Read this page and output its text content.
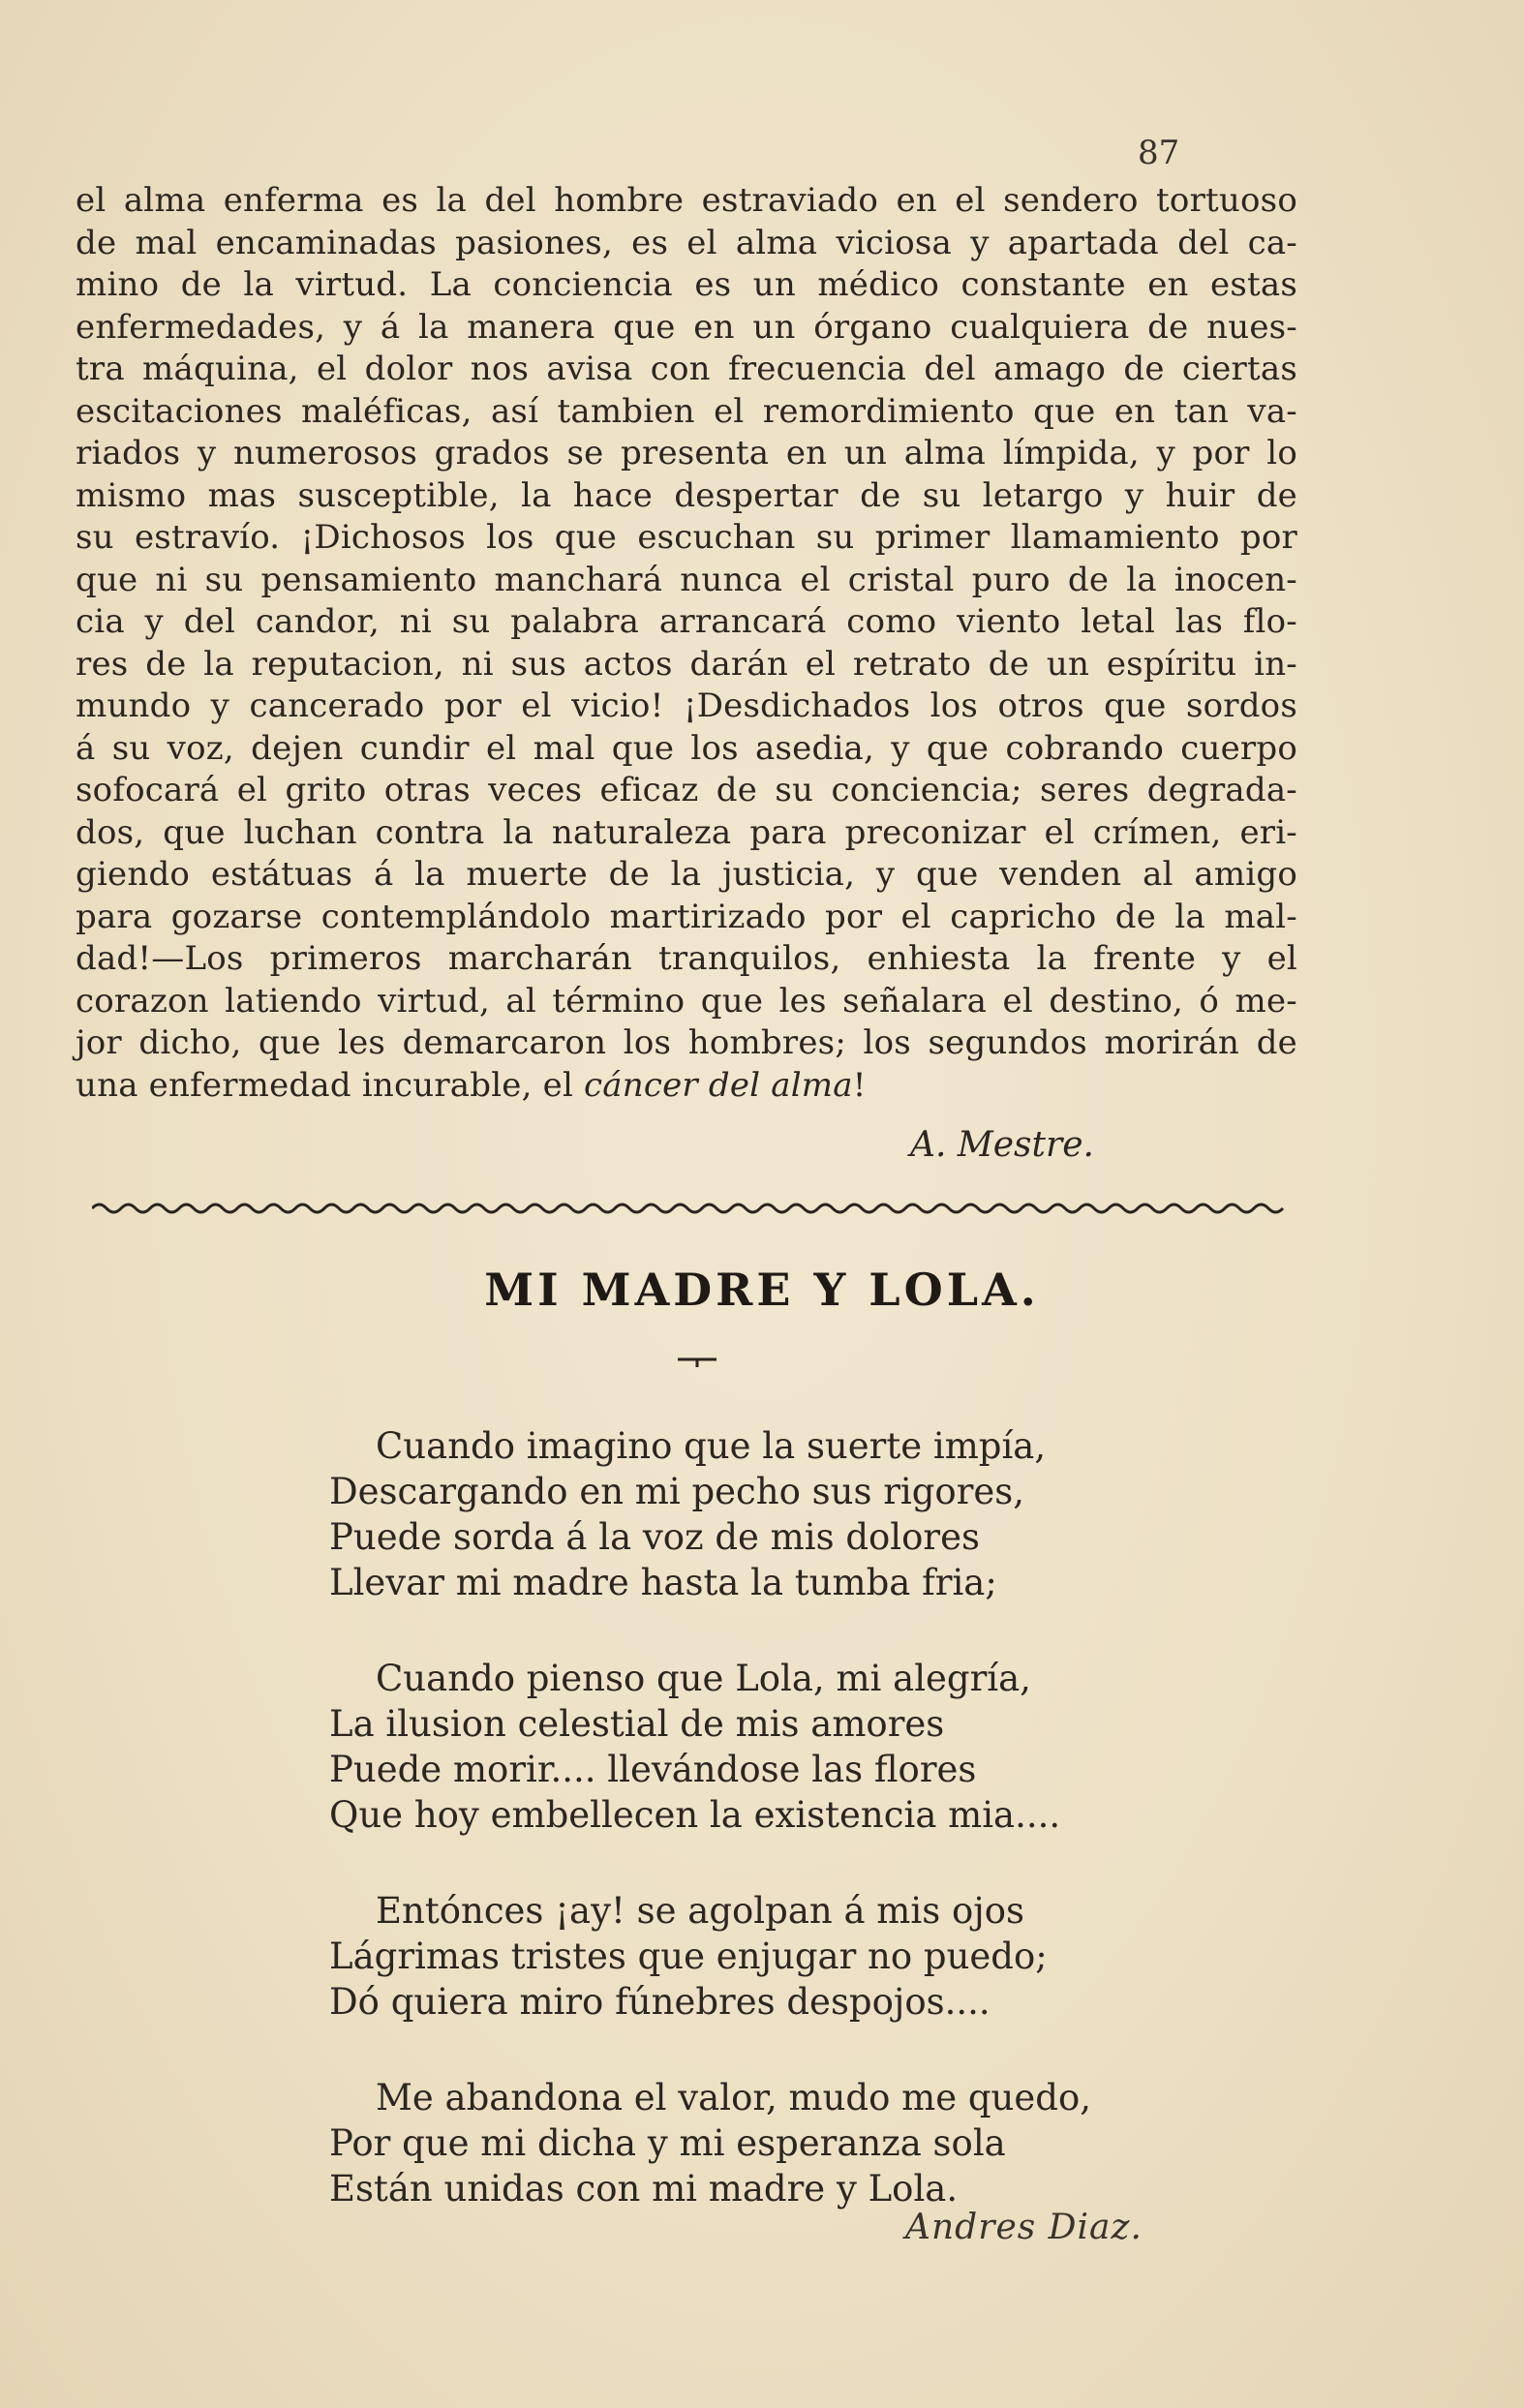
87
el alma enferma es la del hombre estraviado en el sendero tortuoso
de mal encaminadas pasiones, es el alma viciosa y apartada del ca-
mino de la virtud. La conciencia es un médico constante en estas
enfermedades, y á la manera que en un órgano cualquiera de nues-
tra máquina, el dolor nos avisa con frecuencia del amago de ciertas
escitaciones maléficas, así tambien el remordimiento que en tan va-
riados y numerosos grados se presenta en un alma límpida, y por lo
mismo mas susceptible, la hace despertar de su letargo y huir de
su estravío. ¡Dichosos los que escuchan su primer llamamiento por
que ni su pensamiento manchará nunca el cristal puro de la inocen-
cia y del candor, ni su palabra arrancará como viento letal las flo-
res de la reputacion, ni sus actos darán el retrato de un espíritu in-
mundo y cancerado por el vicio! ¡Desdichados los otros que sordos
á su voz, dejen cundir el mal que los asedia, y que cobrando cuerpo
sofocará el grito otras veces eficaz de su conciencia; seres degrada-
dos, que luchan contra la naturaleza para preconizar el crímen, eri-
giendo estátuas á la muerte de la justicia, y que venden al amigo
para gozarse contemplándolo martirizado por el capricho de la mal-
dad!—Los primeros marcharán tranquilos, enhiesta la frente y el
corazon latiendo virtud, al término que les señalara el destino, ó me-
jor dicho, que les demarcaron los hombres; los segundos morirán de
una enfermedad incurable, el cáncer del alma!
A. Mestre.
MI MADRE Y LOLA.
Cuando imagino que la suerte impía,
Descargando en mi pecho sus rigores,
Puede sorda á la voz de mis dolores
Llevar mi madre hasta la tumba fria;
Cuando pienso que Lola, mi alegría,
La ilusion celestial de mis amores
Puede morir.... llevándose las flores
Que hoy embellecen la existencia mia....
Entónces ¡ay! se agolpan á mis ojos
Lágrimas tristes que enjugar no puedo;
Dó quiera miro fúnebres despojos....
Me abandona el valor, mudo me quedo,
Por que mi dicha y mi esperanza sola
Están unidas con mi madre y Lola.
Andres Diaz.
